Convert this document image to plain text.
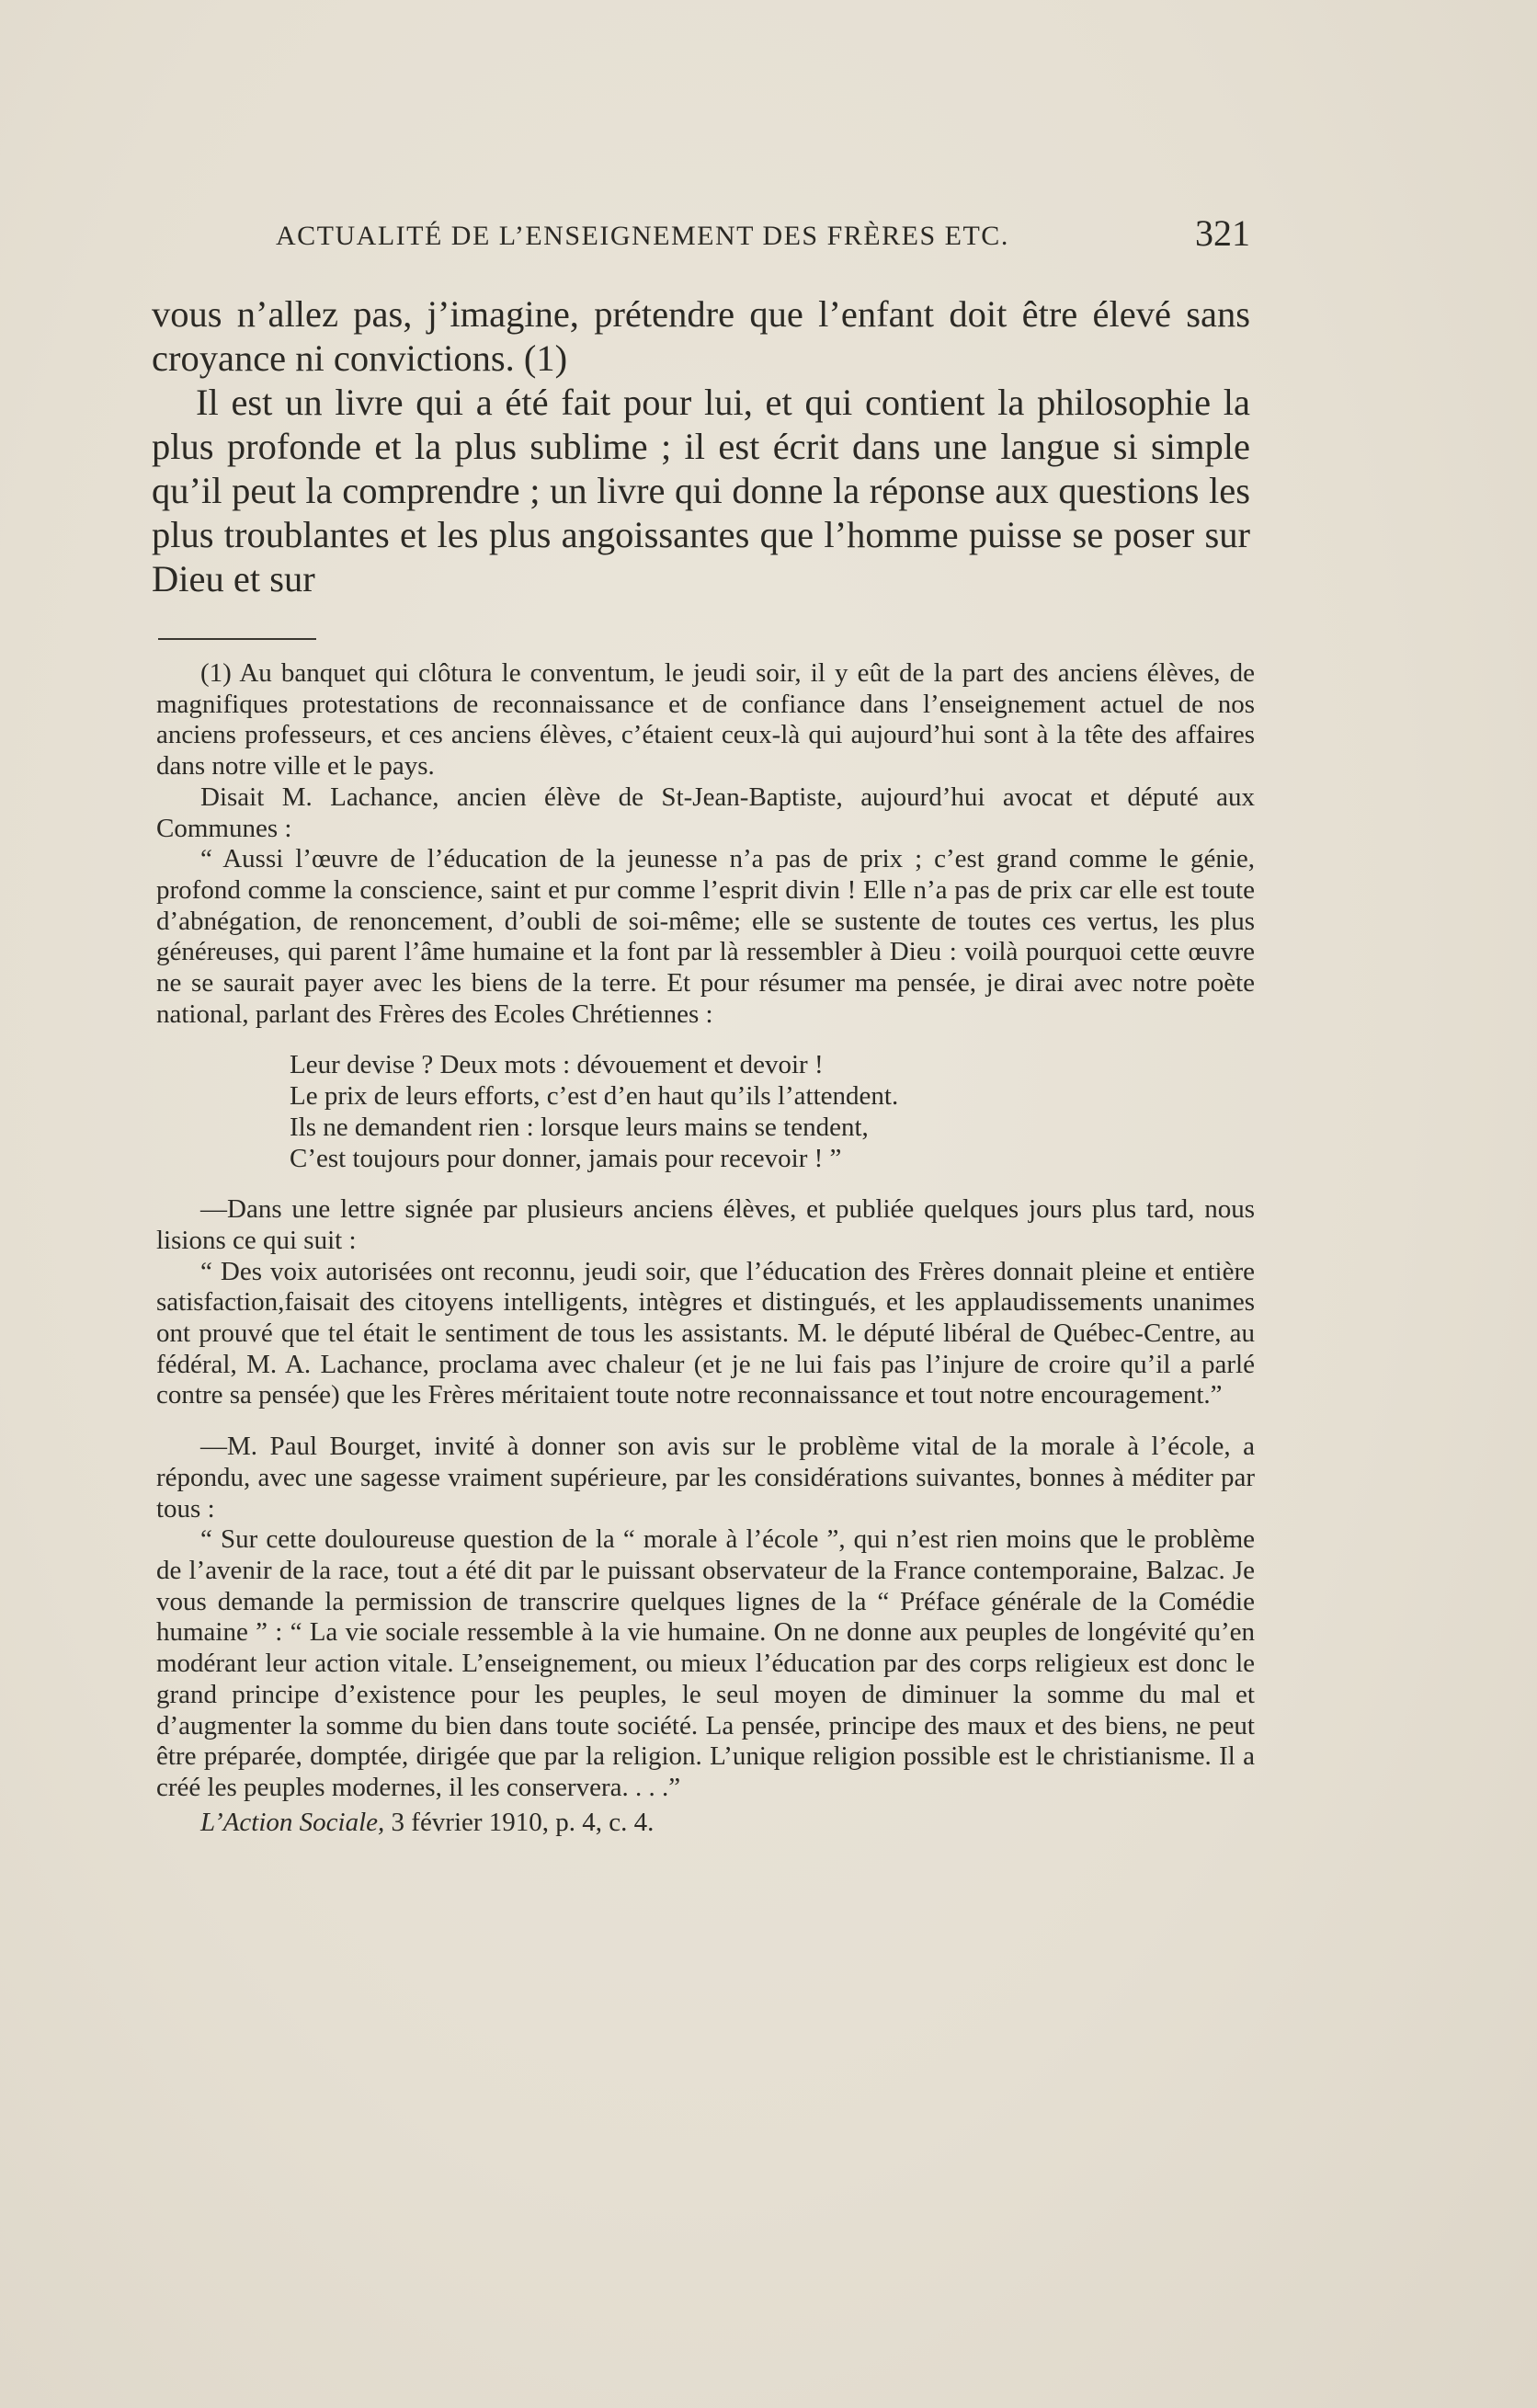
ACTUALITÉ DE L’ENSEIGNEMENT DES FRÈRES ETC.	321

vous n’allez pas, j’imagine, prétendre que l’enfant doit être élevé sans croyance ni convictions. (1)

Il est un livre qui a été fait pour lui, et qui contient la philosophie la plus profonde et la plus sublime ; il est écrit dans une langue si simple qu’il peut la comprendre ; un livre qui donne la réponse aux questions les plus troublantes et les plus angoissantes que l’homme puisse se poser sur Dieu et sur

(1) Au banquet qui clôtura le conventum, le jeudi soir, il y eût de la part des anciens élèves, de magnifiques protestations de reconnaissance et de confiance dans l’enseignement actuel de nos anciens professeurs, et ces anciens élèves, c’étaient ceux-là qui aujourd’hui sont à la tête des affaires dans notre ville et le pays.

Disait M. Lachance, ancien élève de St-Jean-Baptiste, aujourd’hui avocat et député aux Communes :

“ Aussi l’œuvre de l’éducation de la jeunesse n’a pas de prix ; c’est grand comme le génie, profond comme la conscience, saint et pur comme l’esprit divin ! Elle n’a pas de prix car elle est toute d’abnégation, de renoncement, d’oubli de soi-même; elle se sustente de toutes ces vertus, les plus généreuses, qui parent l’âme humaine et la font par là ressembler à Dieu : voilà pourquoi cette œuvre ne se saurait payer avec les biens de la terre. Et pour résumer ma pensée, je dirai avec notre poète national, parlant des Frères des Ecoles Chrétiennes :

Leur devise ? Deux mots : dévouement et devoir !
Le prix de leurs efforts, c’est d’en haut qu’ils l’attendent.
Ils ne demandent rien : lorsque leurs mains se tendent,
C’est toujours pour donner, jamais pour recevoir ! ”

—Dans une lettre signée par plusieurs anciens élèves, et publiée quelques jours plus tard, nous lisions ce qui suit :

“ Des voix autorisées ont reconnu, jeudi soir, que l’éducation des Frères donnait pleine et entière satisfaction,faisait des citoyens intelligents, intègres et distingués, et les applaudissements unanimes ont prouvé que tel était le sentiment de tous les assistants. M. le député libéral de Québec-Centre, au fédéral, M. A. Lachance, proclama avec chaleur (et je ne lui fais pas l’injure de croire qu’il a parlé contre sa pensée) que les Frères méritaient toute notre reconnaissance et tout notre encouragement.”

—M. Paul Bourget, invité à donner son avis sur le problème vital de la morale à l’école, a répondu, avec une sagesse vraiment supérieure, par les considérations suivantes, bonnes à méditer par tous :

“ Sur cette douloureuse question de la “ morale à l’école ”, qui n’est rien moins que le problème de l’avenir de la race, tout a été dit par le puissant observateur de la France contemporaine, Balzac. Je vous demande la permission de transcrire quelques lignes de la “ Préface générale de la Comédie humaine ” : “ La vie sociale ressemble à la vie humaine. On ne donne aux peuples de longévité qu’en modérant leur action vitale. L’enseignement, ou mieux l’éducation par des corps religieux est donc le grand principe d’existence pour les peuples, le seul moyen de diminuer la somme du mal et d’augmenter la somme du bien dans toute société. La pensée, principe des maux et des biens, ne peut être préparée, domptée, dirigée que par la religion. L’unique religion possible est le christianisme. Il a créé les peuples modernes, il les conservera. . . .”

L’Action Sociale, 3 février 1910, p. 4, c. 4.
